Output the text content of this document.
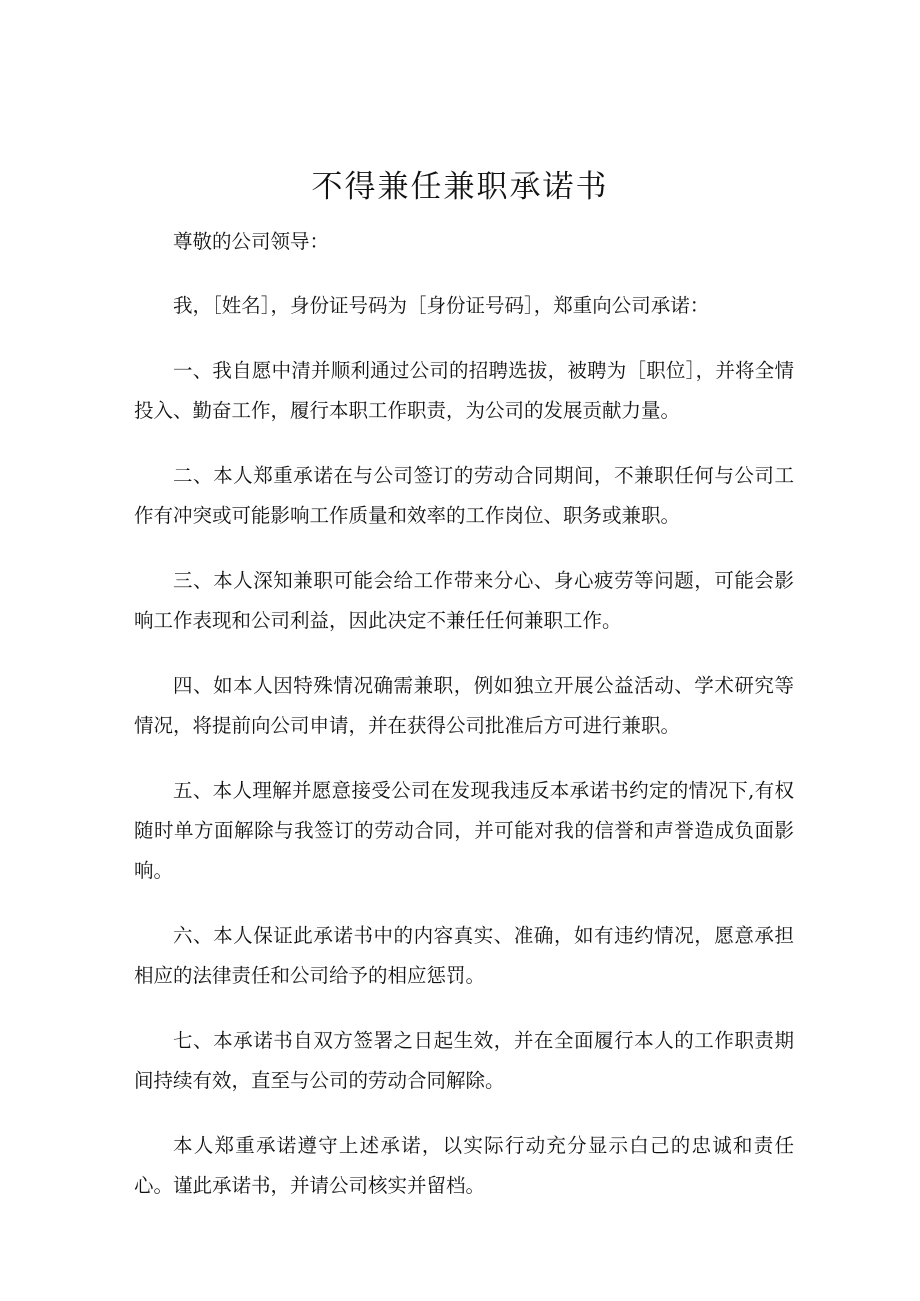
不得兼任兼职承诺书

尊敬的公司领导：

我，［姓名］，身份证号码为［身份证号码］，郑重向公司承诺：

一、我自愿中清并顺利通过公司的招聘选拔，被聘为［职位］，并将全情投入、勤奋工作，履行本职工作职责，为公司的发展贡献力量。

二、本人郑重承诺在与公司签订的劳动合同期间，不兼职任何与公司工作有冲突或可能影响工作质量和效率的工作岗位、职务或兼职。

三、本人深知兼职可能会给工作带来分心、身心疲劳等问题，可能会影响工作表现和公司利益，因此决定不兼任任何兼职工作。

四、如本人因特殊情况确需兼职，例如独立开展公益活动、学术研究等情况，将提前向公司申请，并在获得公司批准后方可进行兼职。

五、本人理解并愿意接受公司在发现我违反本承诺书约定的情况下,有权随时单方面解除与我签订的劳动合同，并可能对我的信誉和声誉造成负面影响。

六、本人保证此承诺书中的内容真实、准确，如有违约情况，愿意承担相应的法律责任和公司给予的相应惩罚。

七、本承诺书自双方签署之日起生效，并在全面履行本人的工作职责期间持续有效，直至与公司的劳动合同解除。

本人郑重承诺遵守上述承诺，以实际行动充分显示白己的忠诚和责任心。谨此承诺书，并请公司核实并留档。
